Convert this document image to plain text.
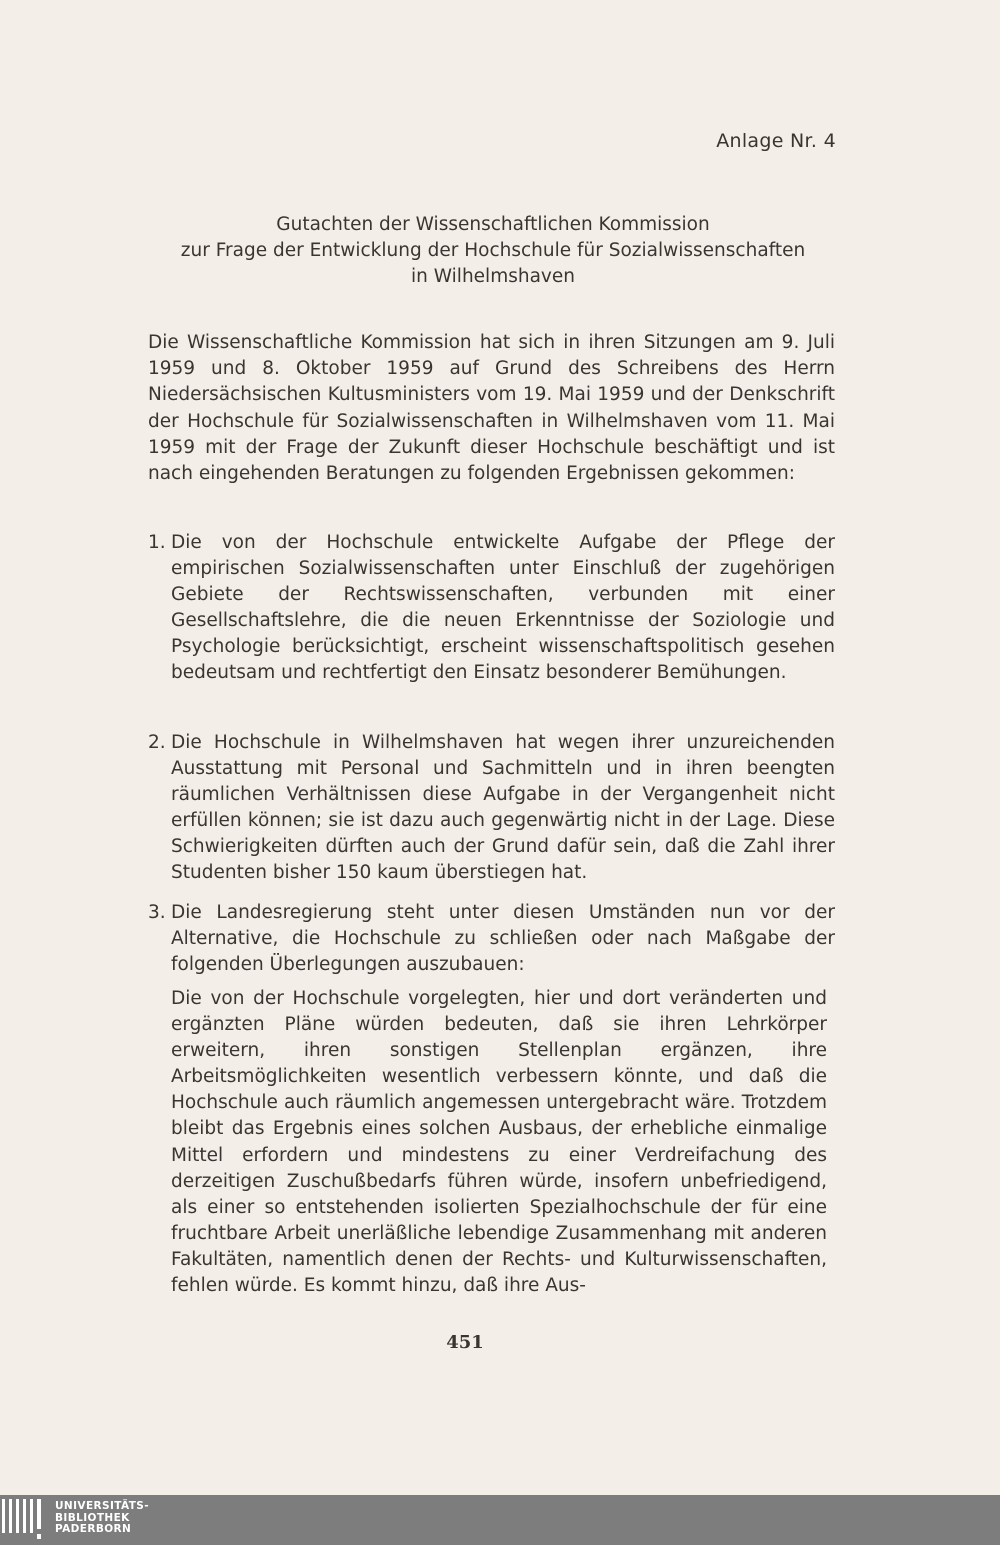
Anlage Nr. 4
Gutachten der Wissenschaftlichen Kommission
zur Frage der Entwicklung der Hochschule für Sozialwissenschaften
in Wilhelmshaven

Die Wissenschaftliche Kommission hat sich in ihren Sitzungen am 9. Juli 1959 und 8. Oktober 1959 auf Grund des Schreibens des Herrn Niedersächsischen Kultusministers vom 19. Mai 1959 und der Denkschrift der Hochschule für Sozialwissenschaften in Wilhelmshaven vom 11. Mai 1959 mit der Frage der Zukunft dieser Hochschule beschäftigt und ist nach eingehenden Beratungen zu folgenden Ergebnissen gekommen:

1. Die von der Hochschule entwickelte Aufgabe der Pflege der empirischen Sozialwissenschaften unter Einschluß der zugehörigen Gebiete der Rechtswissenschaften, verbunden mit einer Gesellschaftslehre, die die neuen Erkenntnisse der Soziologie und Psychologie berücksichtigt, erscheint wissenschaftspolitisch gesehen bedeutsam und rechtfertigt den Einsatz besonderer Bemühungen.
2. Die Hochschule in Wilhelmshaven hat wegen ihrer unzureichenden Ausstattung mit Personal und Sachmitteln und in ihren beengten räumlichen Verhältnissen diese Aufgabe in der Vergangenheit nicht erfüllen können; sie ist dazu auch gegenwärtig nicht in der Lage. Diese Schwierigkeiten dürften auch der Grund dafür sein, daß die Zahl ihrer Studenten bisher 150 kaum überstiegen hat.
3. Die Landesregierung steht unter diesen Umständen nun vor der Alternative, die Hochschule zu schließen oder nach Maßgabe der folgenden Überlegungen auszubauen:
Die von der Hochschule vorgelegten, hier und dort veränderten und ergänzten Pläne würden bedeuten, daß sie ihren Lehrkörper erweitern, ihren sonstigen Stellenplan ergänzen, ihre Arbeitsmöglichkeiten wesentlich verbessern könnte, und daß die Hochschule auch räumlich angemessen untergebracht wäre. Trotzdem bleibt das Ergebnis eines solchen Ausbaus, der erhebliche einmalige Mittel erfordern und mindestens zu einer Verdreifachung des derzeitigen Zuschußbedarfs führen würde, insofern unbefriedigend, als einer so entstehenden isolierten Spezialhochschule der für eine fruchtbare Arbeit unerläßliche lebendige Zusammenhang mit anderen Fakultäten, namentlich denen der Rechts- und Kulturwissenschaften, fehlen würde. Es kommt hinzu, daß ihre Aus-
451
UNIVERSITÄTS-
BIBLIOTHEK
PADERBORN
